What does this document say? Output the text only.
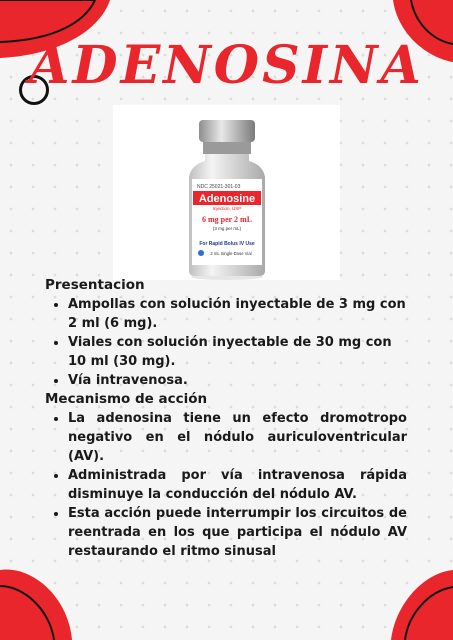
ADENOSINA
NDC 25021-301-03
Adenosine
Injection, USP
6 mg per 2 mL
(3 mg per mL)
For Rapid Bolus IV Use
2 mL Single-Dose Vial

Presentacion

• Ampollas con solución inyectable de 3 mg con 2 ml (6 mg).
• Viales con solución inyectable de 30 mg con 10 ml (30 mg).
• Vía intravenosa.

Mecanismo de acción

• La adenosina tiene un efecto dromotropo negativo en el nódulo auriculoventricular (AV).
• Administrada por vía intravenosa rápida disminuye la conducción del nódulo AV.
• Esta acción puede interrumpir los circuitos de reentrada en los que participa el nódulo AV restaurando el ritmo sinusal
